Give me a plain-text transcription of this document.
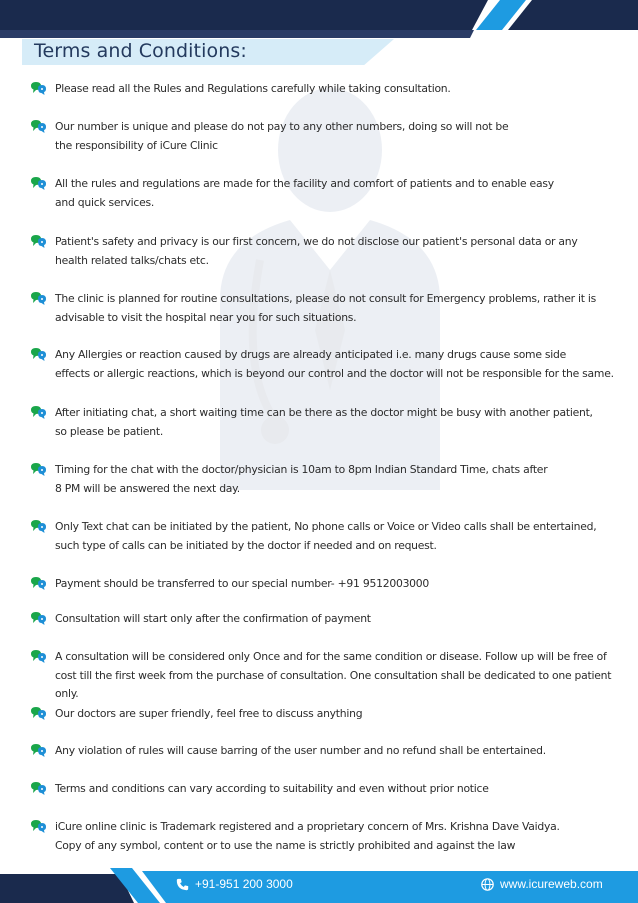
Terms and Conditions:
Please read all the Rules and Regulations carefully while taking consultation.
Our number is unique and please do not pay to any other numbers, doing so will not be
the responsibility of iCure Clinic
All the rules and regulations are made for the facility and comfort of patients and to enable easy
and quick services.
Patient's safety and privacy is our first concern, we do not disclose our patient's personal data or any
health related talks/chats etc.
The clinic is planned for routine consultations, please do not consult for Emergency problems, rather it is
advisable to visit the hospital near you for such situations.
Any Allergies or reaction caused by drugs are already anticipated i.e. many drugs cause some side
effects or allergic reactions, which is beyond our control and the doctor will not be responsible for the same.
After initiating chat, a short waiting time can be there as the doctor might be busy with another patient,
so please be patient.
Timing for the chat with the doctor/physician is 10am to 8pm Indian Standard Time, chats after
8 PM will be answered the next day.
Only Text chat can be initiated by the patient, No phone calls or Voice or Video calls shall be entertained,
such type of calls can be initiated by the doctor if needed and on request.
Payment should be transferred to our special number- +91 9512003000
Consultation will start only after the confirmation of payment
A consultation will be considered only Once and for the same condition or disease. Follow up will be free of
cost till the first week from the purchase of consultation. One consultation shall be dedicated to one patient only.
Our doctors are super friendly, feel free to discuss anything
Any violation of rules will cause barring of the user number and no refund shall be entertained.
Terms and conditions can vary according to suitability and even without prior notice
iCure online clinic is Trademark registered and a proprietary concern of Mrs. Krishna Dave Vaidya.
Copy of any symbol, content or to use the name is strictly prohibited and against the law
+91-951 200 3000	www.icureweb.com
